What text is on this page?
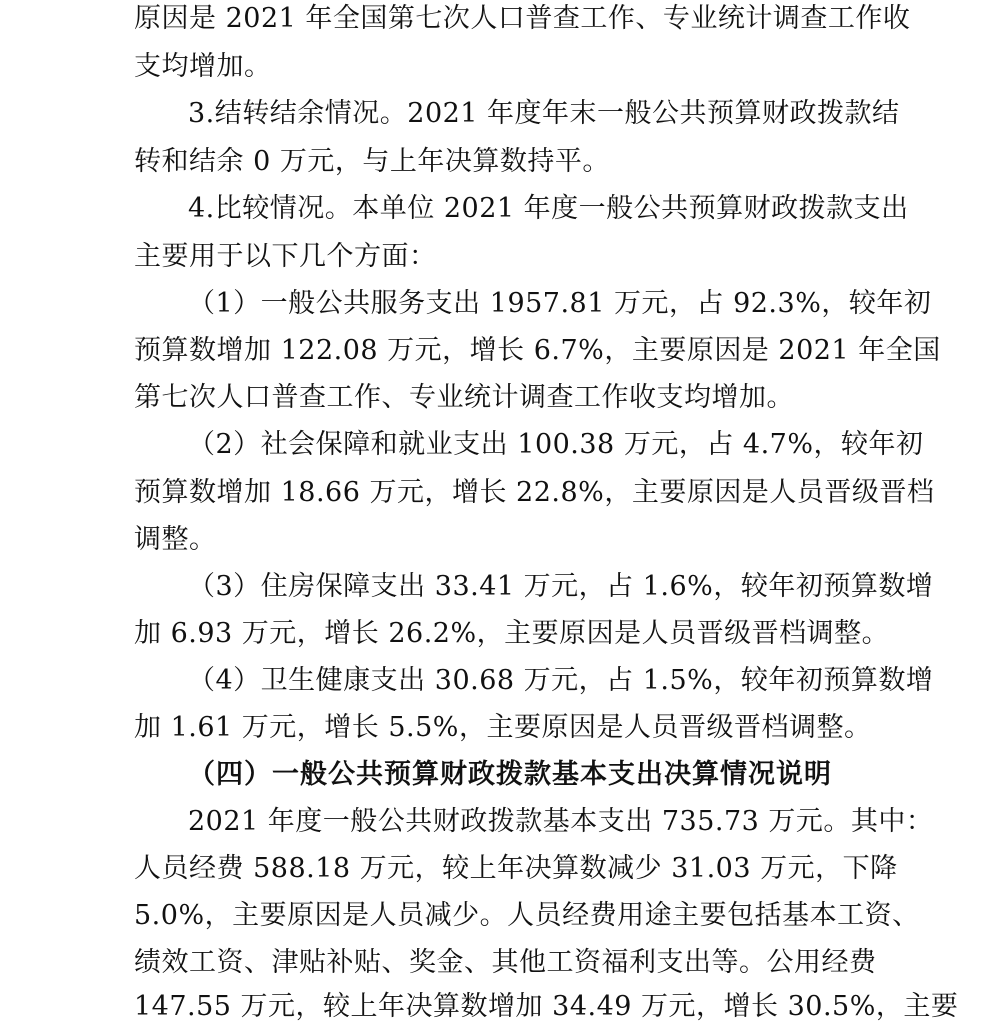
原因是 2021 年全国第七次人口普查工作、专业统计调查工作收
支均增加。
3.结转结余情况。2021 年度年末一般公共预算财政拨款结
转和结余 0 万元，与上年决算数持平。
4.比较情况。本单位 2021 年度一般公共预算财政拨款支出
主要用于以下几个方面：
（1）一般公共服务支出 1957.81 万元，占 92.3%，较年初
预算数增加 122.08 万元，增长 6.7%，主要原因是 2021 年全国
第七次人口普查工作、专业统计调查工作收支均增加。
（2）社会保障和就业支出 100.38 万元，占 4.7%，较年初
预算数增加 18.66 万元，增长 22.8%，主要原因是人员晋级晋档
调整。
（3）住房保障支出 33.41 万元，占 1.6%，较年初预算数增
加 6.93 万元，增长 26.2%，主要原因是人员晋级晋档调整。
（4）卫生健康支出 30.68 万元，占 1.5%，较年初预算数增
加 1.61 万元，增长 5.5%，主要原因是人员晋级晋档调整。
（四）一般公共预算财政拨款基本支出决算情况说明
2021 年度一般公共财政拨款基本支出 735.73 万元。其中：
人员经费 588.18 万元，较上年决算数减少 31.03 万元，下降
5.0%，主要原因是人员减少。人员经费用途主要包括基本工资、
绩效工资、津贴补贴、奖金、其他工资福利支出等。公用经费
147.55 万元，较上年决算数增加 34.49 万元，增长 30.5%，主要
